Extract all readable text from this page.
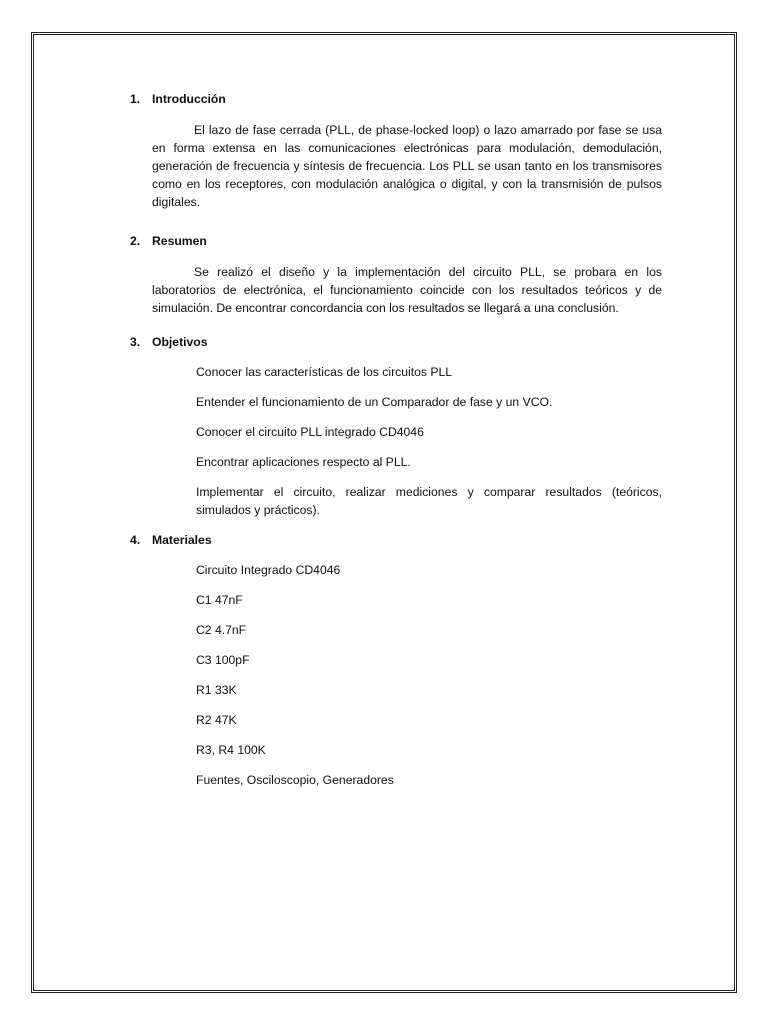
1. Introducción

El lazo de fase cerrada (PLL, de phase-locked loop) o lazo amarrado por fase se usa en forma extensa en las comunicaciones electrónicas para modulación, demodulación, generación de frecuencia y síntesis de frecuencia. Los PLL se usan tanto en los transmisores como en los receptores, con modulación analógica o digital, y con la transmisión de pulsos digitales.

2. Resumen

Se realizó el diseño y la implementación del circuito PLL, se probara en los laboratorios de electrónica, el funcionamiento coincide con los resultados teóricos y de simulación. De encontrar concordancia con los resultados se llegará a una conclusión.

3. Objetivos
Conocer las características de los circuitos PLL
Entender el funcionamiento de un Comparador de fase y un VCO.
Conocer el circuito PLL integrado CD4046
Encontrar aplicaciones respecto al PLL.
Implementar el circuito, realizar mediciones y comparar resultados (teóricos, simulados y prácticos).
4. Materiales
Circuito Integrado CD4046
C1 47nF
C2 4.7nF
C3 100pF
R1 33K
R2 47K
R3, R4 100K
Fuentes, Osciloscopio, Generadores
